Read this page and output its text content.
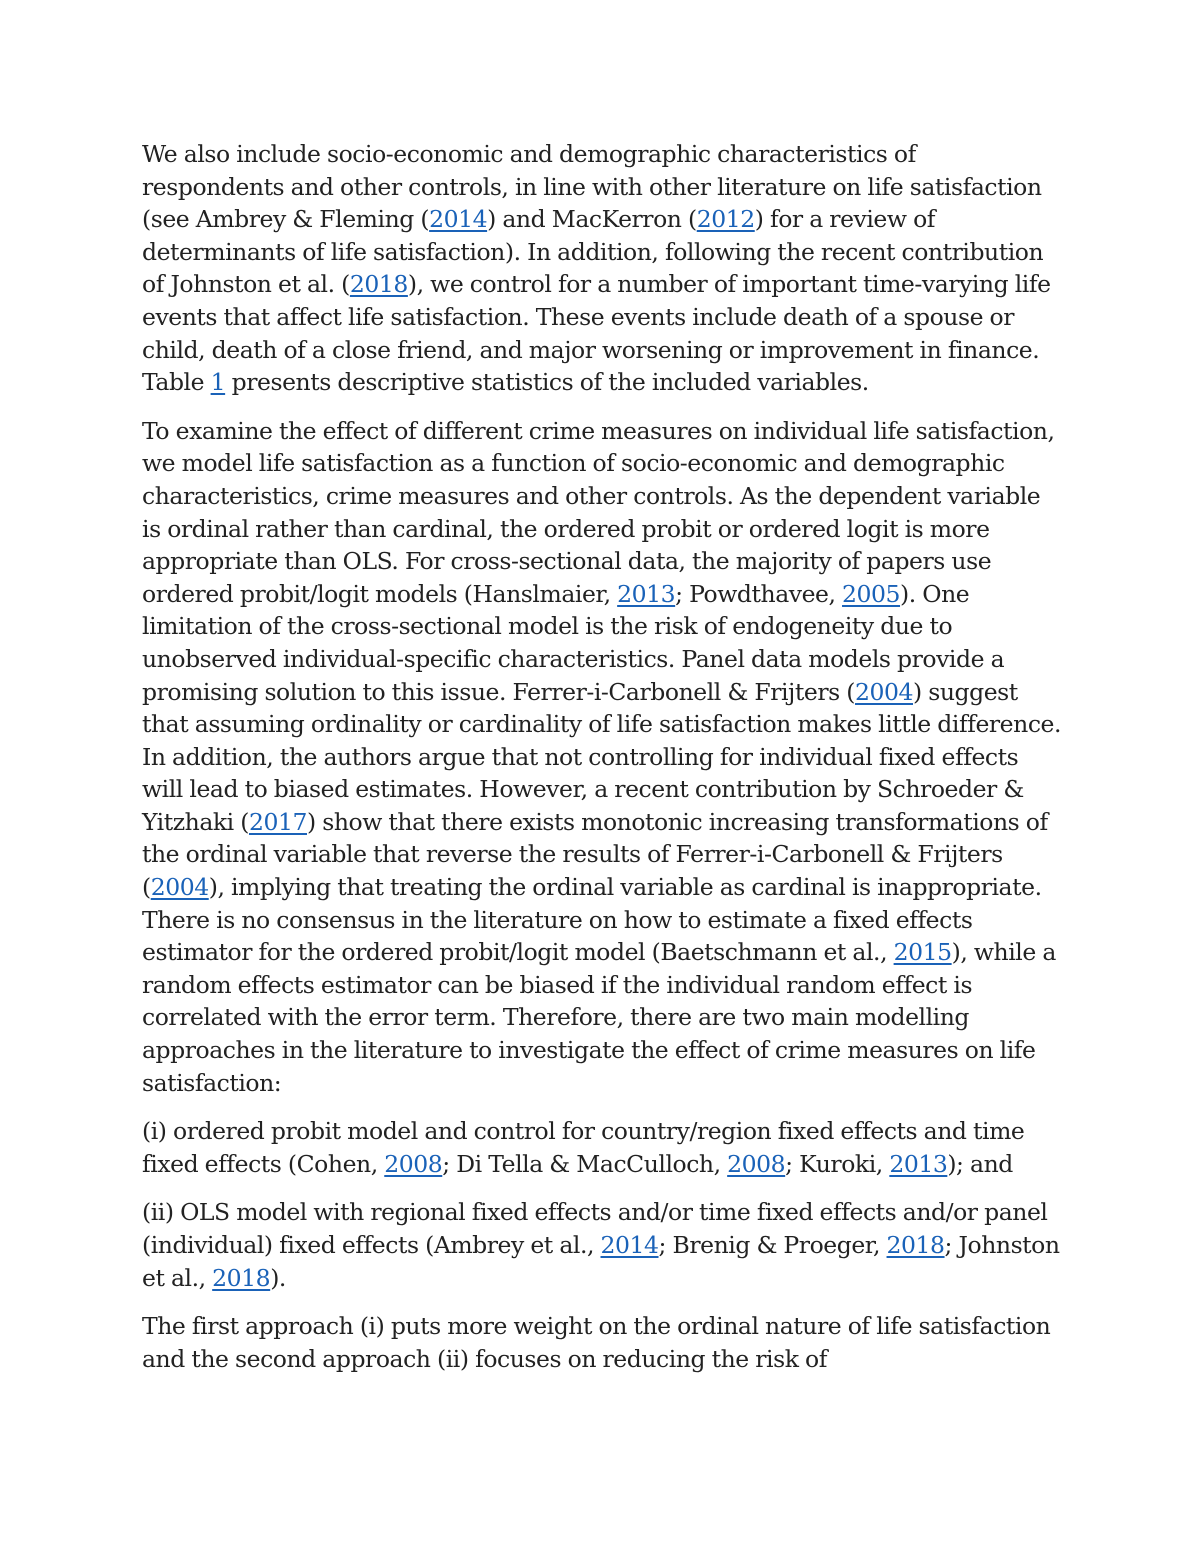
We also include socio-economic and demographic characteristics of respondents and other controls, in line with other literature on life satisfaction (see Ambrey & Fleming (2014) and MacKerron (2012) for a review of determinants of life satisfaction). In addition, following the recent contribution of Johnston et al. (2018), we control for a number of important time-varying life events that affect life satisfaction. These events include death of a spouse or child, death of a close friend, and major worsening or improvement in finance. Table 1 presents descriptive statistics of the included variables.

To examine the effect of different crime measures on individual life satisfaction, we model life satisfaction as a function of socio-economic and demographic characteristics, crime measures and other controls. As the dependent variable is ordinal rather than cardinal, the ordered probit or ordered logit is more appropriate than OLS. For cross-sectional data, the majority of papers use ordered probit/logit models (Hanslmaier, 2013; Powdthavee, 2005). One limitation of the cross-sectional model is the risk of endogeneity due to unobserved individual-specific characteristics. Panel data models provide a promising solution to this issue. Ferrer-i-Carbonell & Frijters (2004) suggest that assuming ordinality or cardinality of life satisfaction makes little difference. In addition, the authors argue that not controlling for individual fixed effects will lead to biased estimates. However, a recent contribution by Schroeder & Yitzhaki (2017) show that there exists monotonic increasing transformations of the ordinal variable that reverse the results of Ferrer-i-Carbonell & Frijters (2004), implying that treating the ordinal variable as cardinal is inappropriate. There is no consensus in the literature on how to estimate a fixed effects estimator for the ordered probit/logit model (Baetschmann et al., 2015), while a random effects estimator can be biased if the individual random effect is correlated with the error term. Therefore, there are two main modelling approaches in the literature to investigate the effect of crime measures on life satisfaction:

(i) ordered probit model and control for country/region fixed effects and time fixed effects (Cohen, 2008; Di Tella & MacCulloch, 2008; Kuroki, 2013); and

(ii) OLS model with regional fixed effects and/or time fixed effects and/or panel (individual) fixed effects (Ambrey et al., 2014; Brenig & Proeger, 2018; Johnston et al., 2018).

The first approach (i) puts more weight on the ordinal nature of life satisfaction and the second approach (ii) focuses on reducing the risk of
